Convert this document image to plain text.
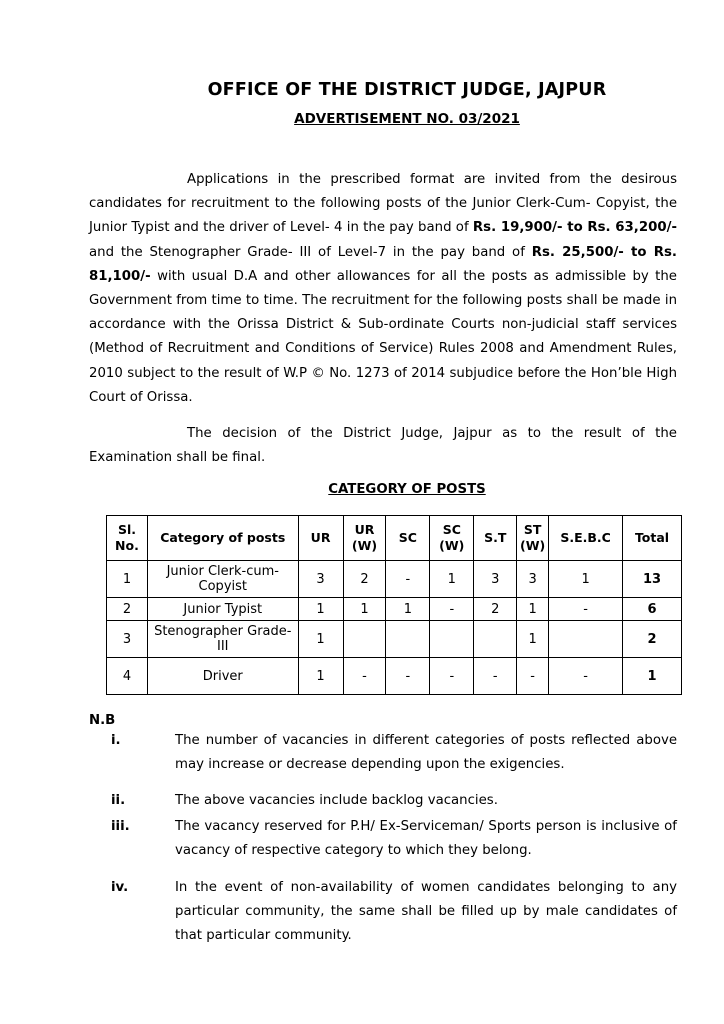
OFFICE OF THE DISTRICT JUDGE, JAJPUR
ADVERTISEMENT NO. 03/2021
Applications in the prescribed format are invited from the desirous candidates for recruitment to the following posts of the Junior Clerk-Cum- Copyist, the Junior Typist and the driver of Level- 4 in the pay band of Rs. 19,900/- to Rs. 63,200/- and the Stenographer Grade- III of Level-7 in the pay band of Rs. 25,500/- to Rs. 81,100/- with usual D.A and other allowances for all the posts as admissible by the Government from time to time. The recruitment for the following posts shall be made in accordance with the Orissa District & Sub-ordinate Courts non-judicial staff services (Method of Recruitment and Conditions of Service) Rules 2008 and Amendment Rules, 2010 subject to the result of W.P © No. 1273 of 2014 subjudice before the Hon’ble High Court of Orissa.
The decision of the District Judge, Jajpur as to the result of the Examination shall be final.
CATEGORY OF POSTS
Sl. No.	Category of posts	UR	UR (W)	SC	SC (W)	S.T	ST (W)	S.E.B.C	Total
1	Junior Clerk-cum-Copyist	3	2	-	1	3	3	1	13
2	Junior Typist	1	1	1	-	2	1	-	6
3	Stenographer Grade-III	1					1		2
4	Driver	1	-	-	-	-	-	-	1
N.B
i.	The number of vacancies in different categories of posts reflected above may increase or decrease depending upon the exigencies.
ii.	The above vacancies include backlog vacancies.
iii.	The vacancy reserved for P.H/ Ex-Serviceman/ Sports person is inclusive of vacancy of respective category to which they belong.
iv.	In the event of non-availability of women candidates belonging to any particular community, the same shall be filled up by male candidates of that particular community.
